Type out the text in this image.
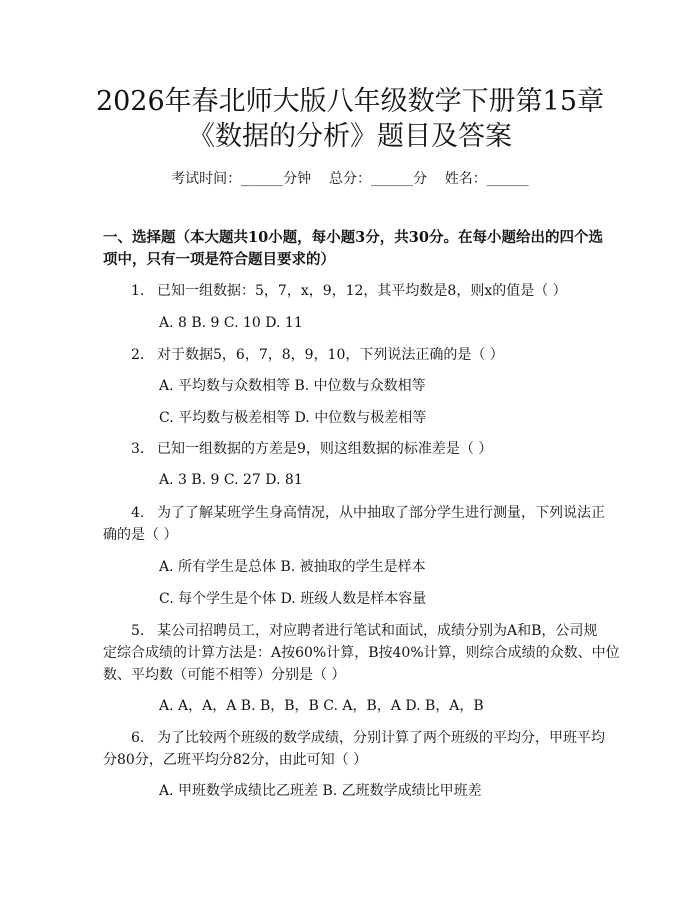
2026年春北师大版八年级数学下册第15章
《数据的分析》题目及答案
考试时间：______分钟    总分：______分    姓名：______
一、选择题（本大题共10小题，每小题3分，共30分。在每小题给出的四个选
项中，只有一项是符合题目要求的）
1. 已知一组数据：5，7，x，9，12，其平均数是8，则x的值是（ ）
A. 8 B. 9 C. 10 D. 11
2. 对于数据5，6，7，8，9，10，下列说法正确的是（ ）
A. 平均数与众数相等 B. 中位数与众数相等
C. 平均数与极差相等 D. 中位数与极差相等
3. 已知一组数据的方差是9，则这组数据的标准差是（ ）
A. 3 B. 9 C. 27 D. 81
4. 为了了解某班学生身高情况，从中抽取了部分学生进行测量，下列说法正
确的是（ ）
A. 所有学生是总体 B. 被抽取的学生是样本
C. 每个学生是个体 D. 班级人数是样本容量
5. 某公司招聘员工，对应聘者进行笔试和面试，成绩分别为A和B，公司规
定综合成绩的计算方法是：A按60%计算，B按40%计算，则综合成绩的众数、中位
数、平均数（可能不相等）分别是（ ）
A. A，A，A B. B，B，B C. A，B，A D. B，A，B
6. 为了比较两个班级的数学成绩，分别计算了两个班级的平均分，甲班平均
分80分，乙班平均分82分，由此可知（ ）
A. 甲班数学成绩比乙班差 B. 乙班数学成绩比甲班差
